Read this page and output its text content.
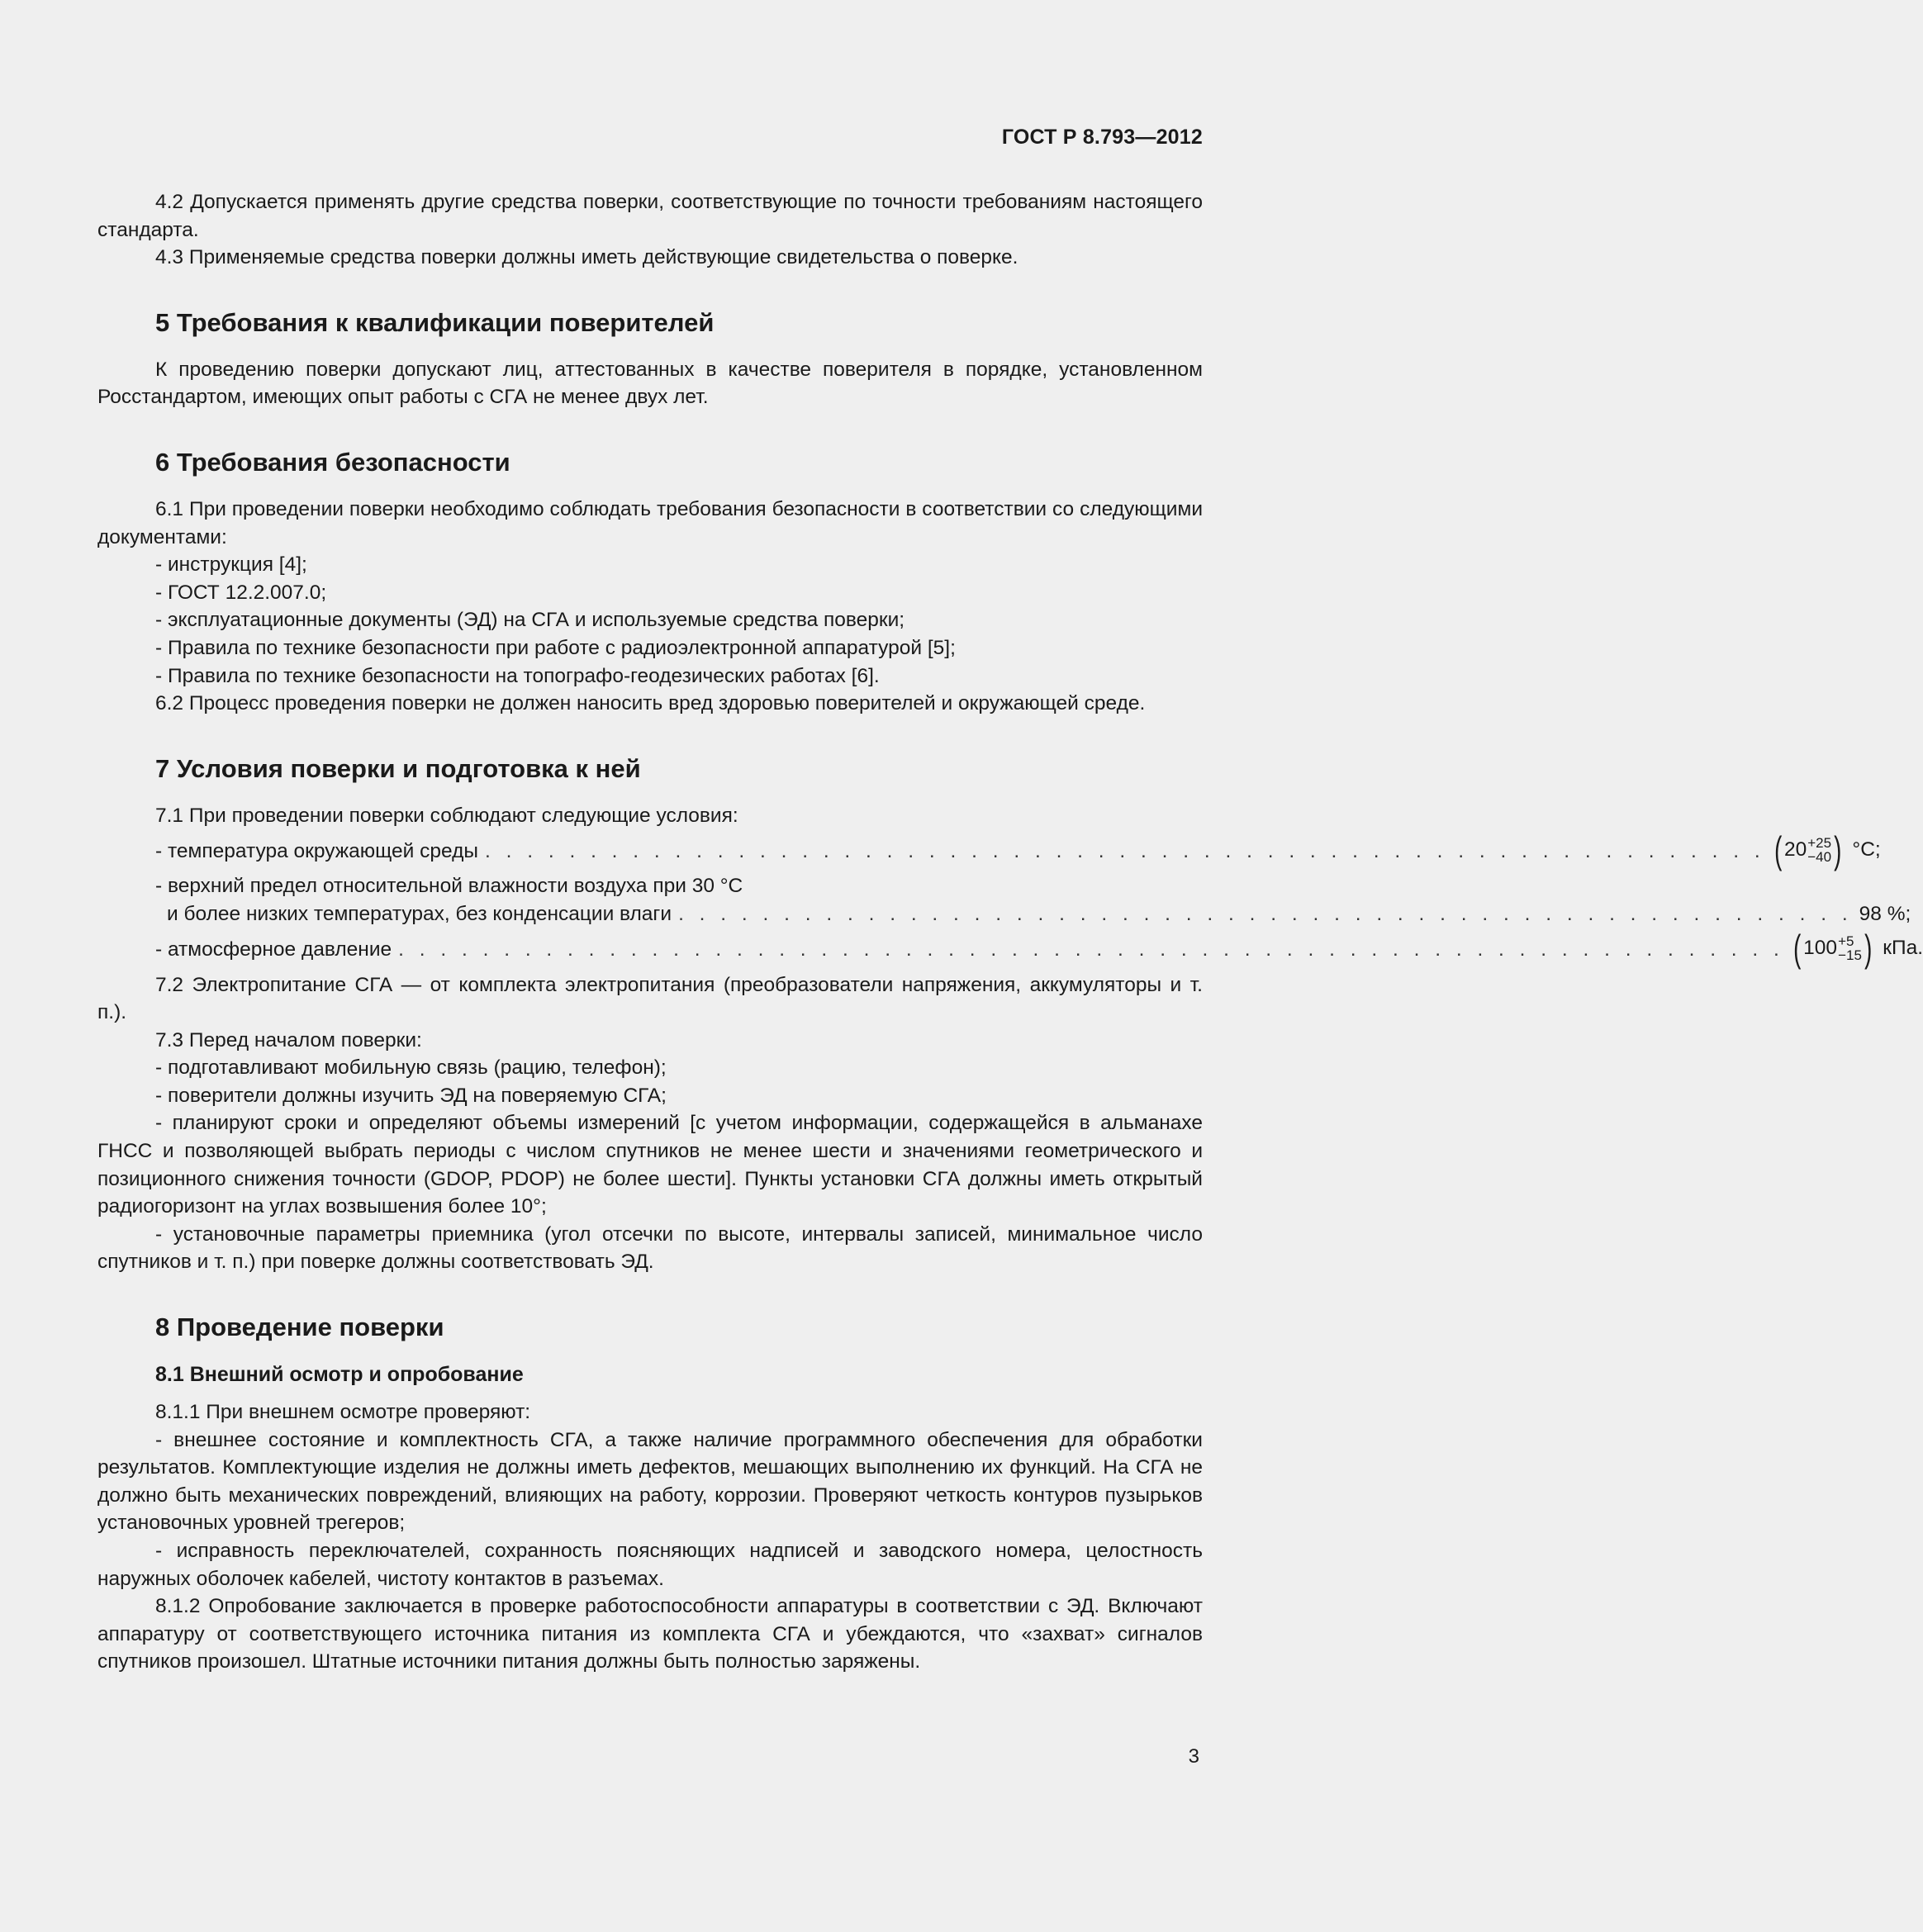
ГОСТ Р 8.793—2012

4.2 Допускается применять другие средства поверки, соответствующие по точности требованиям настоящего стандарта.

4.3 Применяемые средства поверки должны иметь действующие свидетельства о поверке.

5 Требования к квалификации поверителей

К проведению поверки допускают лиц, аттестованных в качестве поверителя в порядке, установленном Росстандартом, имеющих опыт работы с СГА не менее двух лет.

6 Требования безопасности

6.1 При проведении поверки необходимо соблюдать требования безопасности в соответствии со следующими документами:

- инструкция [4];

- ГОСТ 12.2.007.0;

- эксплуатационные документы (ЭД) на СГА и используемые средства поверки;

- Правила по технике безопасности при работе с радиоэлектронной аппаратурой [5];

- Правила по технике безопасности на топографо-геодезических работах [6].

6.2 Процесс проведения поверки не должен наносить вред здоровью поверителей и окружающей среде.

7 Условия поверки и подготовка к ней

7.1 При проведении поверки соблюдают следующие условия:

- температура окружающей среды . . . . . . . . . . . . . . . . . . . . . . . . . . . . . . . . . . . . . . . . . . . . . . . . . . . . . . . . . . . . . ( 20 +25
−40 ) °C;

- верхний предел относительной влажности воздуха при 30 °C

и более низких температурах, без конденсации влаги . . . . . . . . . . . . . . . . . . . . . . . . . . . . . . . . . . . . . . . . . . . . . . . . . . . . . . . . 98 %;
- атмосферное давление . . . . . . . . . . . . . . . . . . . . . . . . . . . . . . . . . . . . . . . . . . . . . . . . . . . . . . . . . . . . . . . . . . ( 100 +5
−15 ) кПа.

7.2 Электропитание СГА — от комплекта электропитания (преобразователи напряжения, аккумуляторы и т. п.).

7.3 Перед началом поверки:

- подготавливают мобильную связь (рацию, телефон);

- поверители должны изучить ЭД на поверяемую СГА;

- планируют сроки и определяют объемы измерений [с учетом информации, содержащейся в альманахе ГНСС и позволяющей выбрать периоды с числом спутников не менее шести и значениями геометрического и позиционного снижения точности (GDOP, PDOP) не более шести]. Пункты установки СГА должны иметь открытый радиогоризонт на углах возвышения более 10°;

- установочные параметры приемника (угол отсечки по высоте, интервалы записей, минимальное число спутников и т. п.) при поверке должны соответствовать ЭД.

8 Проведение поверки
8.1 Внешний осмотр и опробование

8.1.1 При внешнем осмотре проверяют:

- внешнее состояние и комплектность СГА, а также наличие программного обеспечения для обработки результатов. Комплектующие изделия не должны иметь дефектов, мешающих выполнению их функций. На СГА не должно быть механических повреждений, влияющих на работу, коррозии. Проверяют четкость контуров пузырьков установочных уровней трегеров;

- исправность переключателей, сохранность поясняющих надписей и заводского номера, целостность наружных оболочек кабелей, чистоту контактов в разъемах.

8.1.2 Опробование заключается в проверке работоспособности аппаратуры в соответствии с ЭД. Включают аппаратуру от соответствующего источника питания из комплекта СГА и убеждаются, что «захват» сигналов спутников произошел. Штатные источники питания должны быть полностью заряжены.

3
